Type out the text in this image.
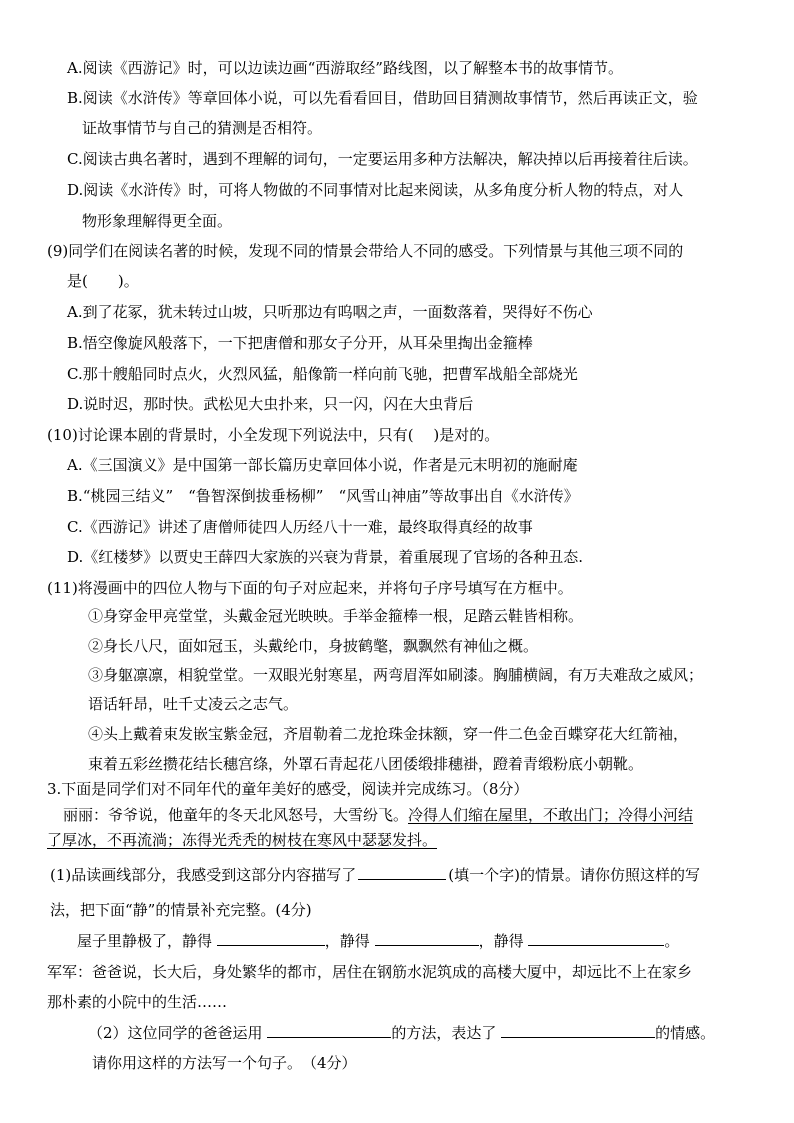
A.阅读《西游记》时，可以边读边画“西游取经”路线图，以了解整本书的故事情节。
B.阅读《水浒传》等章回体小说，可以先看看回目，借助回目猜测故事情节，然后再读正文，验
证故事情节与自己的猜测是否相符。
C.阅读古典名著时，遇到不理解的词句，一定要运用多种方法解决，解决掉以后再接着往后读。
D.阅读《水浒传》时，可将人物做的不同事情对比起来阅读，从多角度分析人物的特点，对人
物形象理解得更全面。
(9)同学们在阅读名著的时候，发现不同的情景会带给人不同的感受。下列情景与其他三项不同的
是(　　)。
A.到了花冢，犹未转过山坡，只听那边有呜咽之声，一面数落着，哭得好不伤心
B.悟空像旋风般落下，一下把唐僧和那女子分开，从耳朵里掏出金箍棒
C.那十艘船同时点火，火烈风猛，船像箭一样向前飞驰，把曹军战船全部烧光
D.说时迟，那时快。武松见大虫扑来，只一闪，闪在大虫背后
(10)讨论课本剧的背景时，小全发现下列说法中，只有(　 )是对的。
A.《三国演义》是中国第一部长篇历史章回体小说，作者是元末明初的施耐庵
B.“桃园三结义”　“鲁智深倒拔垂杨柳”　“风雪山神庙”等故事出自《水浒传》
C.《西游记》讲述了唐僧师徒四人历经八十一难，最终取得真经的故事
D.《红楼梦》以贾史王薛四大家族的兴衰为背景，着重展现了官场的各种丑态.
(11)将漫画中的四位人物与下面的句子对应起来，并将句子序号填写在方框中。
①身穿金甲亮堂堂，头戴金冠光映映。手举金箍棒一根，足踏云鞋皆相称。
②身长八尺，面如冠玉，头戴纶巾，身披鹤氅，飘飘然有神仙之概。
③身躯凛凛，相貌堂堂。一双眼光射寒星，两弯眉浑如刷漆。胸脯横阔，有万夫难敌之威风；
语话轩昂，吐千丈凌云之志气。
④头上戴着束发嵌宝紫金冠，齐眉勒着二龙抢珠金抹额，穿一件二色金百蝶穿花大红箭袖，
束着五彩丝攒花结长穗宫绦，外罩石青起花八团倭缎排穗褂，蹬着青缎粉底小朝靴。
3.下面是同学们对不同年代的童年美好的感受，阅读并完成练习。（8分）
丽丽：爷爷说，他童年的冬天北风怒号，大雪纷飞。冷得人们缩在屋里，不敢出门；冷得小河结
了厚冰，不再流淌；冻得光秃秃的树枝在寒风中瑟瑟发抖。
(1)品读画线部分，我感受到这部分内容描写了	(填一个字)的情景。请你仿照这样的写
法，把下面“静”的情景补充完整。(4分)
屋子里静极了，静得	，静得	，静得	。
军军：爸爸说，长大后，身处繁华的都市，居住在钢筋水泥筑成的高楼大厦中，却远比不上在家乡
那朴素的小院中的生活……
（2）这位同学的爸爸运用	的方法，表达了	的情感。
请你用这样的方法写一个句子。　（4分）
